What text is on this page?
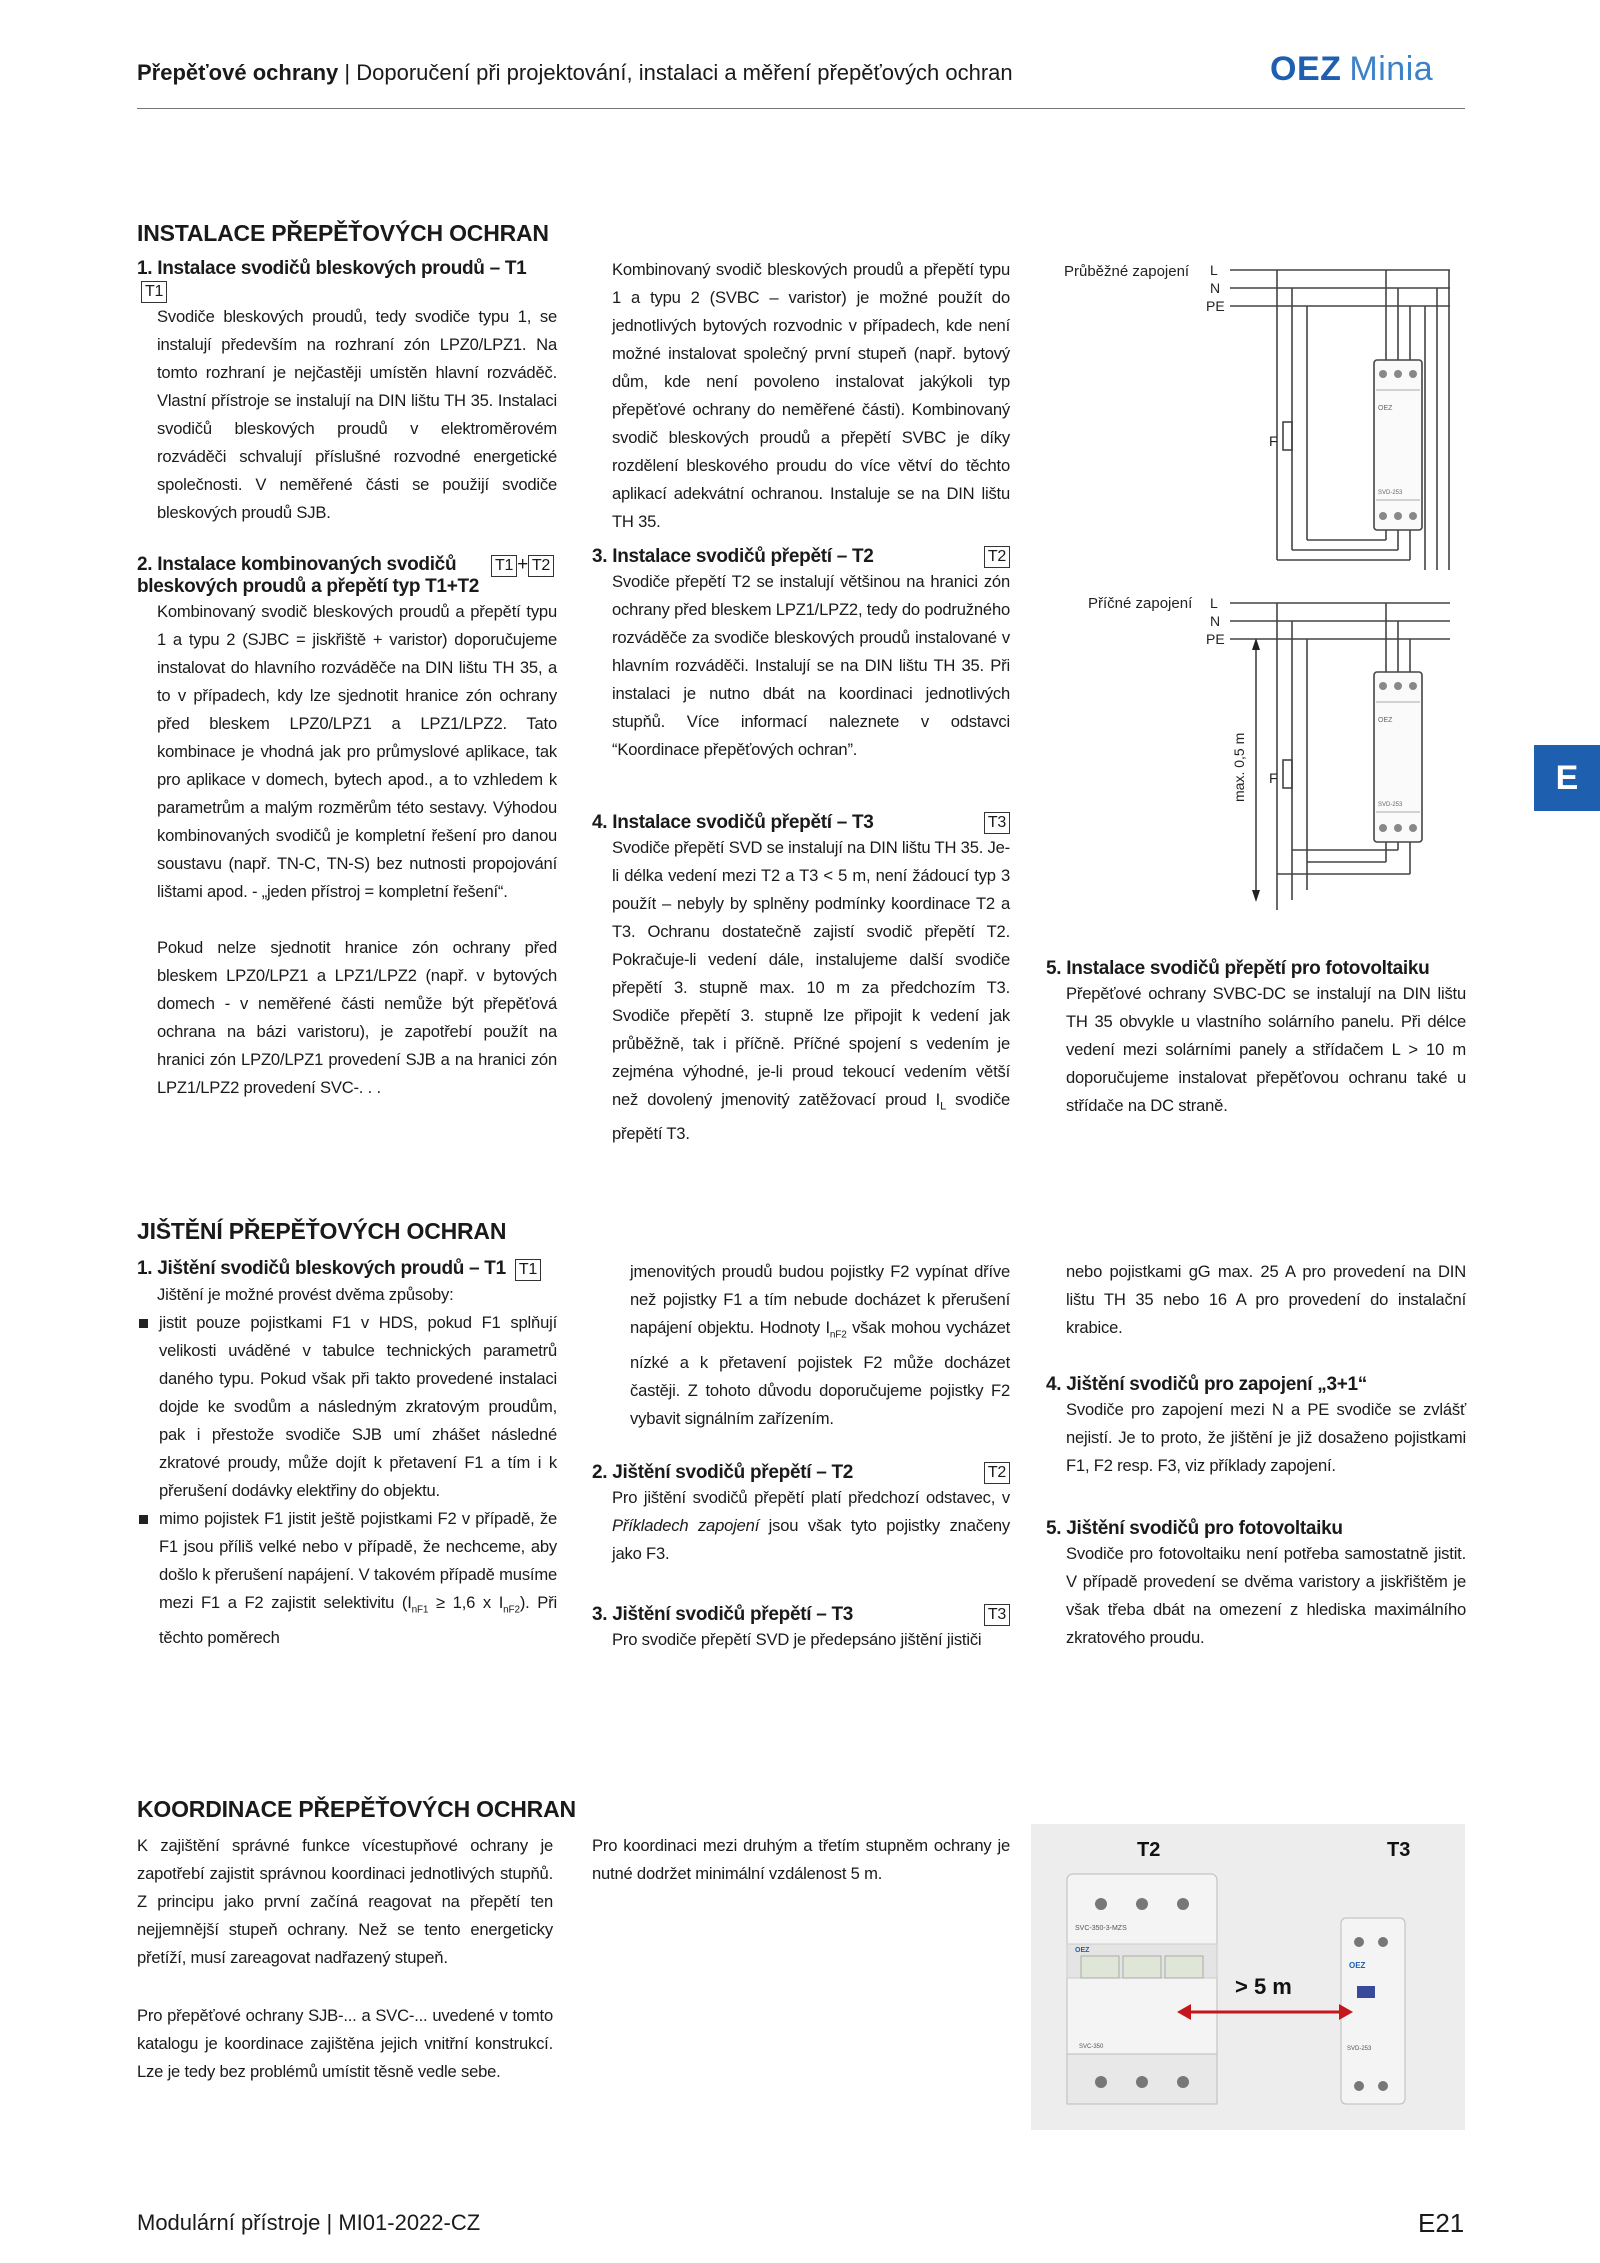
Přepěťové ochrany | Doporučení při projektování, instalaci a měření přepěťových ochran	OEZ Minia
E
INSTALACE PŘEPĚŤOVÝCH OCHRAN
1. Instalace svodičů bleskových proudů – T1 T1
Svodiče bleskových proudů, tedy svodiče typu 1, se instalují především na rozhraní zón LPZ0/LPZ1. Na tomto rozhraní je nejčastěji umístěn hlavní rozváděč. Vlastní přístroje se instalují na DIN lištu TH 35. Instalaci svodičů bleskových proudů v elektroměrovém rozváděči schvalují příslušné rozvodné energetické společnosti. V neměřené části se použijí svodiče bleskových proudů SJB.
2. Instalace kombinovaných svodičů	T1 + T2
bleskových proudů a přepětí typ T1+T2
Kombinovaný svodič bleskových proudů a přepětí typu 1 a typu 2 (SJBC = jiskřiště + varistor) doporučujeme instalovat do hlavního rozváděče na DIN lištu TH 35, a to v případech, kdy lze sjednotit hranice zón ochrany před bleskem LPZ0/LPZ1 a LPZ1/LPZ2. Tato kombinace je vhodná jak pro průmyslové aplikace, tak pro aplikace v domech, bytech apod., a to vzhledem k parametrům a malým rozměrům této sestavy. Výhodou kombinovaných svodičů je kompletní řešení pro danou soustavu (např. TN-C, TN-S) bez nutnosti propojování lištami apod. - „jeden přístroj = kompletní řešení“.
Pokud nelze sjednotit hranice zón ochrany před bleskem LPZ0/LPZ1 a LPZ1/LPZ2 (např. v bytových domech - v neměřené části nemůže být přepěťová ochrana na bázi varistoru), je zapotřebí použít na hranici zón LPZ0/LPZ1 provedení SJB a na hranici zón LPZ1/LPZ2 provedení SVC-. . .
Kombinovaný svodič bleskových proudů a přepětí typu 1 a typu 2 (SVBC – varistor) je možné použít do jednotlivých bytových rozvodnic v případech, kde není možné instalovat společný první stupeň (např. bytový dům, kde není povoleno instalovat jakýkoli typ přepěťové ochrany do neměřené části). Kombinovaný svodič bleskových proudů a přepětí SVBC je díky rozdělení bleskového proudu do více větví do těchto aplikací adekvátní ochranou. Instaluje se na DIN lištu TH 35.
3. Instalace svodičů přepětí – T2	T2
Svodiče přepětí T2 se instalují většinou na hranici zón ochrany před bleskem LPZ1/LPZ2, tedy do podružného rozváděče za svodiče bleskových proudů instalované v hlavním rozváděči. Instalují se na DIN lištu TH 35. Při instalaci je nutno dbát na koordinaci jednotlivých stupňů. Více informací naleznete v odstavci “Koordinace přepěťových ochran”.
4. Instalace svodičů přepětí – T3	T3
Svodiče přepětí SVD se instalují na DIN lištu TH 35. Je-li délka vedení mezi T2 a T3 < 5 m, není žádoucí typ 3 použít – nebyly by splněny podmínky koordinace T2 a T3. Ochranu dostatečně zajistí svodič přepětí T2. Pokračuje-li vedení dále, instalujeme další svodiče přepětí 3. stupně max. 10 m za předchozím T3. Svodiče přepětí 3. stupně lze připojit k vedení jak průběžně, tak i příčně. Příčné spojení s vedením je zejména výhodné, je-li proud tekoucí vedením větší než dovolený jmenovitý zatěžovací proud $I_L$ svodiče přepětí T3.
OEZ
SVD-253
OEZ
SVD-253
Průběžné zapojení L
N
PE
F
Příčné zapojení L
N
PE
F
max. 0,5 m
5. Instalace svodičů přepětí pro fotovoltaiku
Přepěťové ochrany SVBC-DC se instalují na DIN lištu TH 35 obvykle u vlastního solárního panelu. Při délce vedení mezi solárními panely a střídačem L > 10 m doporučujeme instalovat přepěťovou ochranu také u střídače na DC straně.
JIŠTĚNÍ PŘEPĚŤOVÝCH OCHRAN
1. Jištění svodičů bleskových proudů – T1 T1
Jištění je možné provést dvěma způsoby:
jistit pouze pojistkami F1 v HDS, pokud F1 splňují velikosti uváděné v tabulce technických parametrů daného typu. Pokud však při takto provedené instalaci dojde ke svodům a následným zkratovým proudům, pak i přestože svodiče SJB umí zhášet následné zkratové proudy, může dojít k přetavení F1 a tím i k přerušení dodávky elektřiny do objektu.
mimo pojistek F1 jistit ještě pojistkami F2 v případě, že F1 jsou příliš velké nebo v případě, že nechceme, aby došlo k přerušení napájení. V takovém případě musíme mezi F1 a F2 zajistit selektivitu ($I_{nF1} \ge 1,6$ x $I_{nF2}$). Při těchto poměrech
jmenovitých proudů budou pojistky F2 vypínat dříve než pojistky F1 a tím nebude docházet k přerušení napájení objektu. Hodnoty $I_{nF2}$ však mohou vycházet nízké a k přetavení pojistek F2 může docházet častěji. Z tohoto důvodu doporučujeme pojistky F2 vybavit signálním zařízením.
2. Jištění svodičů přepětí – T2	T2
Pro jištění svodičů přepětí platí předchozí odstavec, v Příkladech zapojení jsou však tyto pojistky značeny jako F3.
3. Jištění svodičů přepětí – T3	T3
Pro svodiče přepětí SVD je předepsáno jištění jističi
nebo pojistkami gG max. 25 A pro provedení na DIN lištu TH 35 nebo 16 A pro provedení do instalační krabice.
4. Jištění svodičů pro zapojení „3+1“
Svodiče pro zapojení mezi N a PE svodiče se zvlášť nejistí. Je to proto, že jištění je již dosaženo pojistkami F1, F2 resp. F3, viz příklady zapojení.
5. Jištění svodičů pro fotovoltaiku
Svodiče pro fotovoltaiku není potřeba samostatně jistit. V případě provedení se dvěma varistory a jiskřištěm je však třeba dbát na omezení z hlediska maximálního zkratového proudu.
KOORDINACE PŘEPĚŤOVÝCH OCHRAN
K zajištění správné funkce vícestupňové ochrany je zapotřebí zajistit správnou koordinaci jednotlivých stupňů. Z principu jako první začíná reagovat na přepětí ten nejjemnější stupeň ochrany. Než se tento energeticky přetíží, musí zareagovat nadřazený stupeň.
Pro přepěťové ochrany SJB-... a SVC-... uvedené v tomto katalogu je koordinace zajištěna jejich vnitřní konstrukcí. Lze je tedy bez problémů umístit těsně vedle sebe.
Pro koordinaci mezi druhým a třetím stupněm ochrany je nutné dodržet minimální vzdálenost 5 m.
T2	T3
> 5 m
SVC-350-3-MZS
OEZ
SVC-350
OEZ
SVD-253
Modulární přístroje | MI01-2022-CZ	E21
